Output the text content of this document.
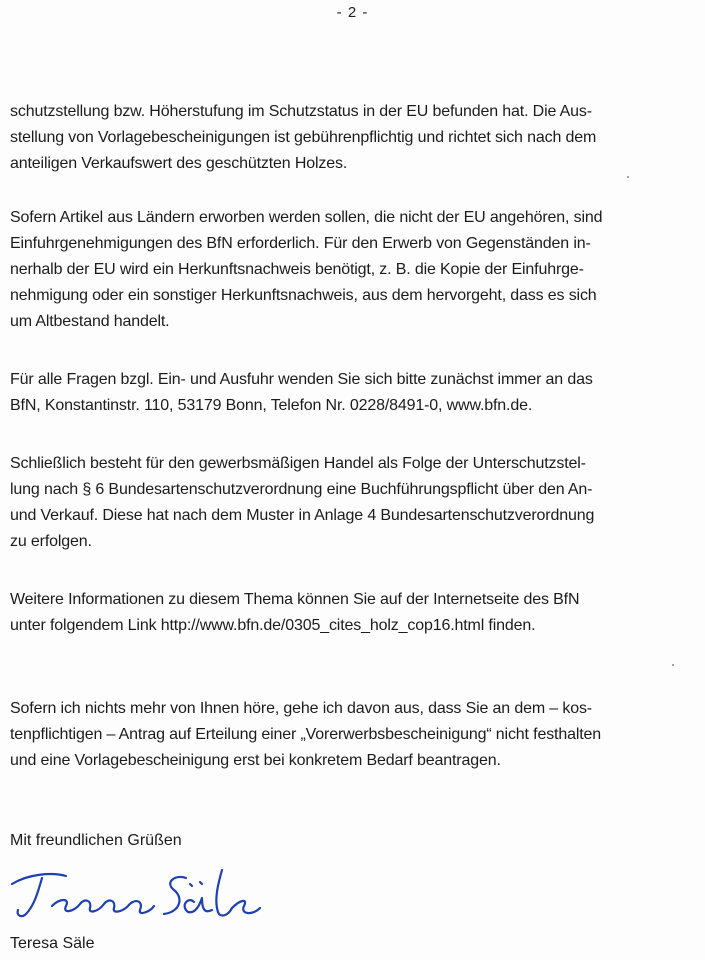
- 2 -
schutzstellung bzw. Höherstufung im Schutzstatus in der EU befunden hat. Die Aus-
stellung von Vorlagebescheinigungen ist gebührenpflichtig und richtet sich nach dem
anteiligen Verkaufswert des geschützten Holzes.
Sofern Artikel aus Ländern erworben werden sollen, die nicht der EU angehören, sind
Einfuhrgenehmigungen des BfN erforderlich. Für den Erwerb von Gegenständen in-
nerhalb der EU wird ein Herkunftsnachweis benötigt, z. B. die Kopie der Einfuhrge-
nehmigung oder ein sonstiger Herkunftsnachweis, aus dem hervorgeht, dass es sich
um Altbestand handelt.
Für alle Fragen bzgl. Ein- und Ausfuhr wenden Sie sich bitte zunächst immer an das
BfN, Konstantinstr. 110, 53179 Bonn, Telefon Nr. 0228/8491-0, www.bfn.de.
Schließlich besteht für den gewerbsmäßigen Handel als Folge der Unterschutzstel-
lung nach § 6 Bundesartenschutzverordnung eine Buchführungspflicht über den An-
und Verkauf. Diese hat nach dem Muster in Anlage 4 Bundesartenschutzverordnung
zu erfolgen.
Weitere Informationen zu diesem Thema können Sie auf der Internetseite des BfN
unter folgendem Link http://www.bfn.de/0305_cites_holz_cop16.html finden.
Sofern ich nichts mehr von Ihnen höre, gehe ich davon aus, dass Sie an dem – kos-
tenpflichtigen – Antrag auf Erteilung einer „Vorerwerbsbescheinigung“ nicht festhalten
und eine Vorlagebescheinigung erst bei konkretem Bedarf beantragen.
Mit freundlichen Grüßen
Teresa Säle
